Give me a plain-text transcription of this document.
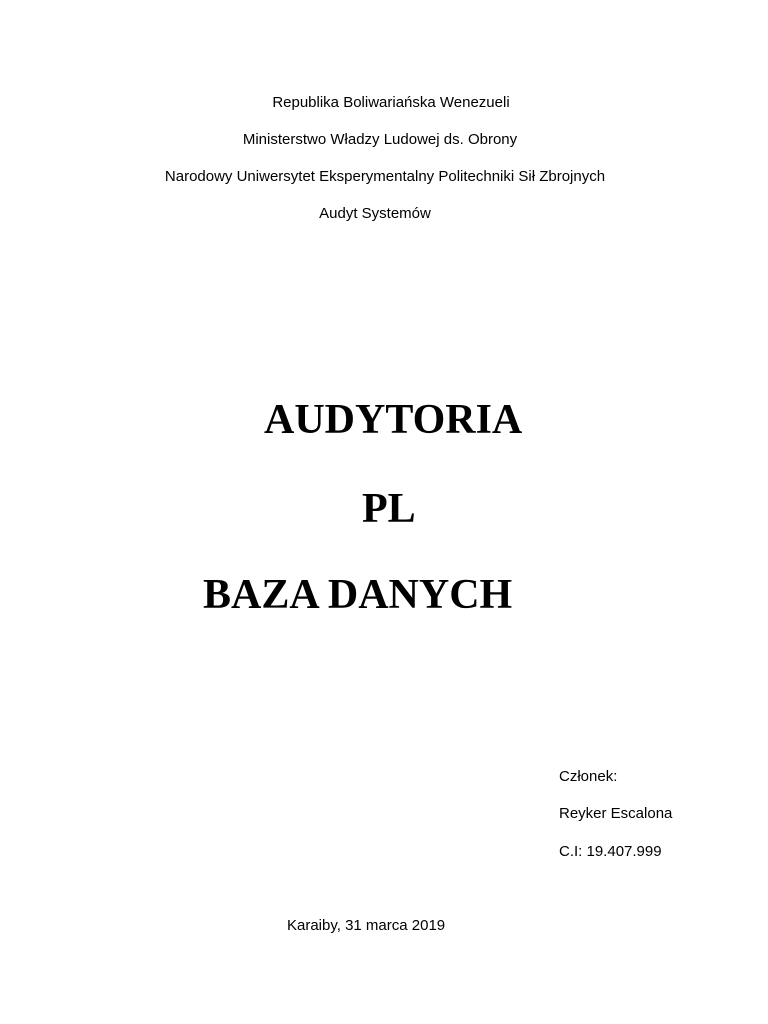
Republika Boliwariańska Wenezueli
Ministerstwo Władzy Ludowej ds. Obrony
Narodowy Uniwersytet Eksperymentalny Politechniki Sił Zbrojnych
Audyt Systemów
AUDYTORIA
PL
BAZA DANYCH
Członek:
Reyker Escalona
C.I: 19.407.999
Karaiby, 31 marca 2019
